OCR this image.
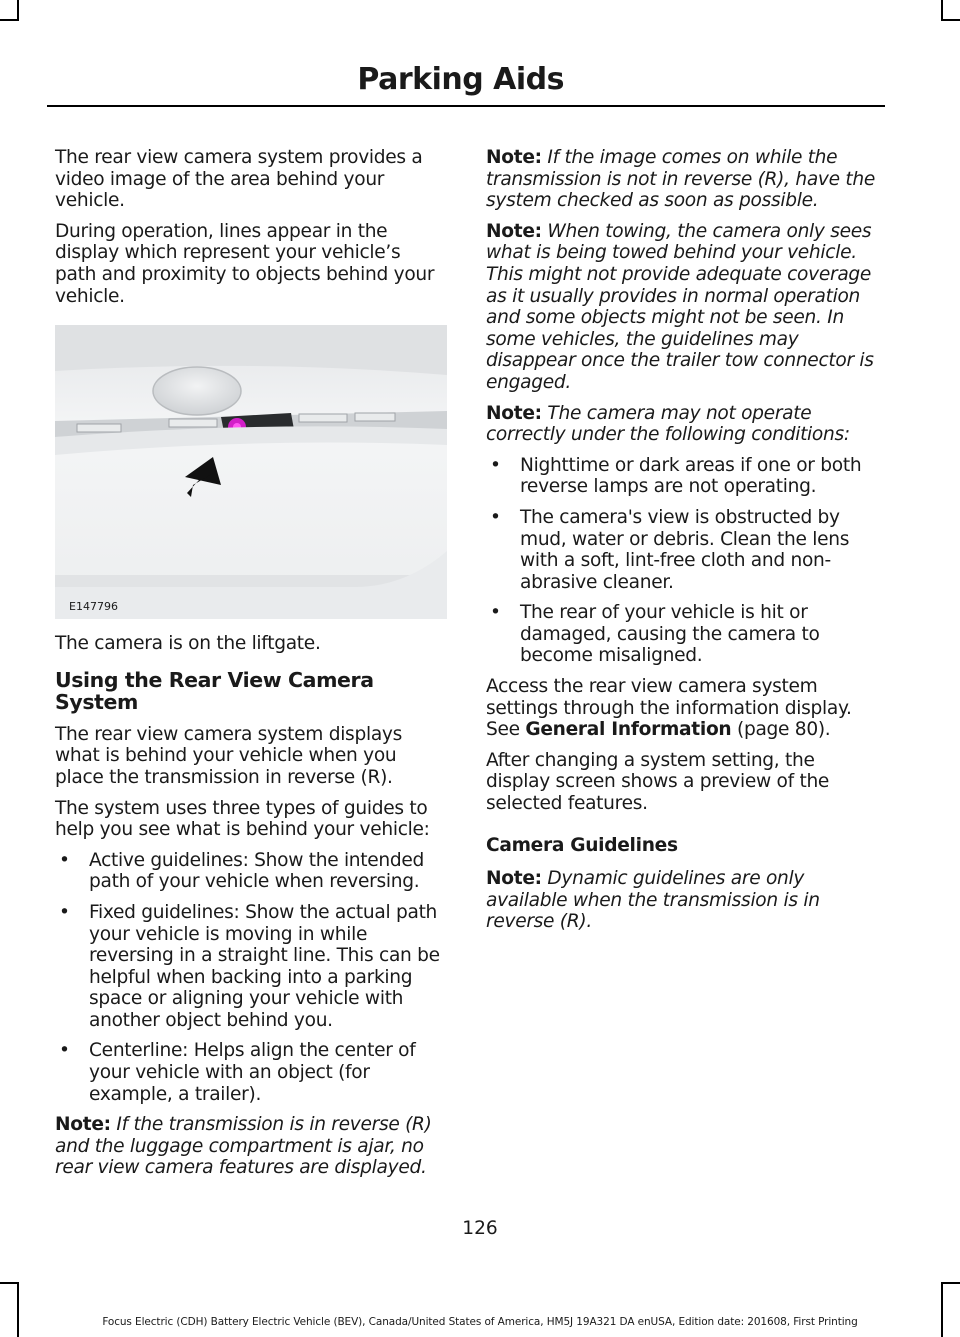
Parking Aids

The rear view camera system provides a video image of the area behind your vehicle.

During operation, lines appear in the display which represent your vehicle’s path and proximity to objects behind your vehicle.

E147796

The camera is on the liftgate.

Using the Rear View Camera System

The rear view camera system displays what is behind your vehicle when you place the transmission in reverse (R).

The system uses three types of guides to help you see what is behind your vehicle:

• Active guidelines: Show the intended path of your vehicle when reversing.
• Fixed guidelines: Show the actual path your vehicle is moving in while reversing in a straight line. This can be helpful when backing into a parking space or aligning your vehicle with another object behind you.
• Centerline: Helps align the center of your vehicle with an object (for example, a trailer).

Note: If the transmission is in reverse (R) and the luggage compartment is ajar, no rear view camera features are displayed.

Note: If the image comes on while the transmission is not in reverse (R), have the system checked as soon as possible.

Note: When towing, the camera only sees what is being towed behind your vehicle. This might not provide adequate coverage as it usually provides in normal operation and some objects might not be seen. In some vehicles, the guidelines may disappear once the trailer tow connector is engaged.

Note: The camera may not operate correctly under the following conditions:

• Nighttime or dark areas if one or both reverse lamps are not operating.
• The camera's view is obstructed by mud, water or debris. Clean the lens with a soft, lint-free cloth and non-abrasive cleaner.
• The rear of your vehicle is hit or damaged, causing the camera to become misaligned.

Access the rear view camera system settings through the information display. See General Information (page 80).

After changing a system setting, the display screen shows a preview of the selected features.

Camera Guidelines

Note: Dynamic guidelines are only available when the transmission is in reverse (R).

126
Focus Electric (CDH) Battery Electric Vehicle (BEV), Canada/United States of America, HM5J 19A321 DA enUSA, Edition date: 201608, First Printing
